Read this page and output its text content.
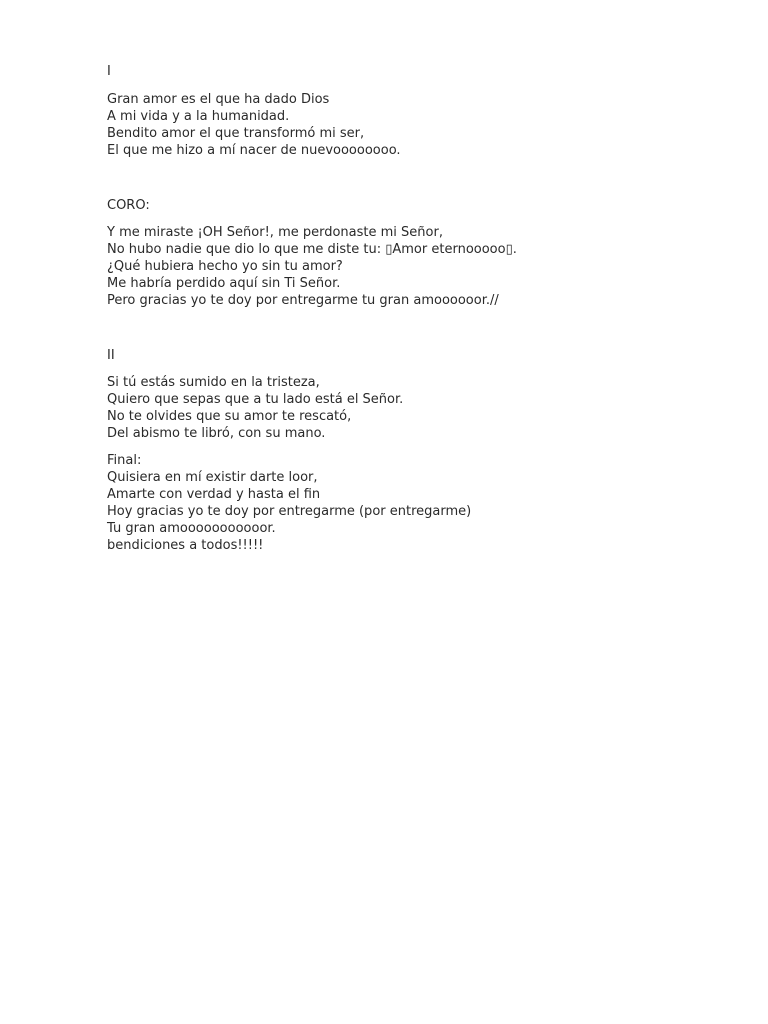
I

Gran amor es el que ha dado Dios
A mi vida y a la humanidad.
Bendito amor el que transformó mi ser,
El que me hizo a mí nacer de nuevoooooooo.

CORO:

Y me miraste ¡OH Señor!, me perdonaste mi Señor,
No hubo nadie que dio lo que me diste tu: ▯Amor eternooooo▯.
¿Qué hubiera hecho yo sin tu amor?
Me habría perdido aquí sin Ti Señor.
Pero gracias yo te doy por entregarme tu gran amoooooor.//

II

Si tú estás sumido en la tristeza,
Quiero que sepas que a tu lado está el Señor.
No te olvides que su amor te rescató,
Del abismo te libró, con su mano.
Final:
Quisiera en mí existir darte loor,
Amarte con verdad y hasta el fin
Hoy gracias yo te doy por entregarme (por entregarme)
Tu gran amooooooooooor.
bendiciones a todos!!!!!
